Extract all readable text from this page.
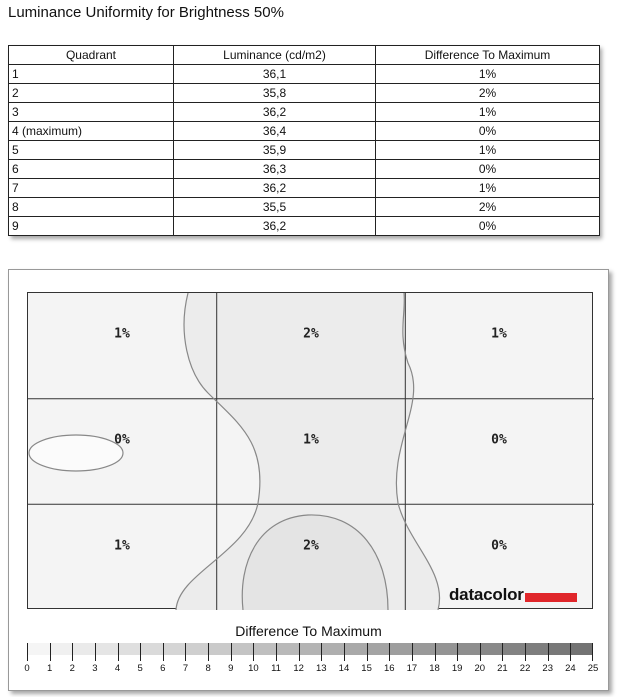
Luminance Uniformity for Brightness 50%
Quadrant	Luminance (cd/m2)	Difference To Maximum
1	36,1	1%
2	35,8	2%
3	36,2	1%
4 (maximum)	36,4	0%
5	35,9	1%
6	36,3	0%
7	36,2	1%
8	35,5	2%
9	36,2	0%
1%	2%	1%
0%	1%	0%
1%	2%	0%
datacolor
Difference To Maximum
0 1 2 3 4 5 6 7 8 9 10 11 12 13 14 15 16 17 18 19 20 21 22 23 24 25
